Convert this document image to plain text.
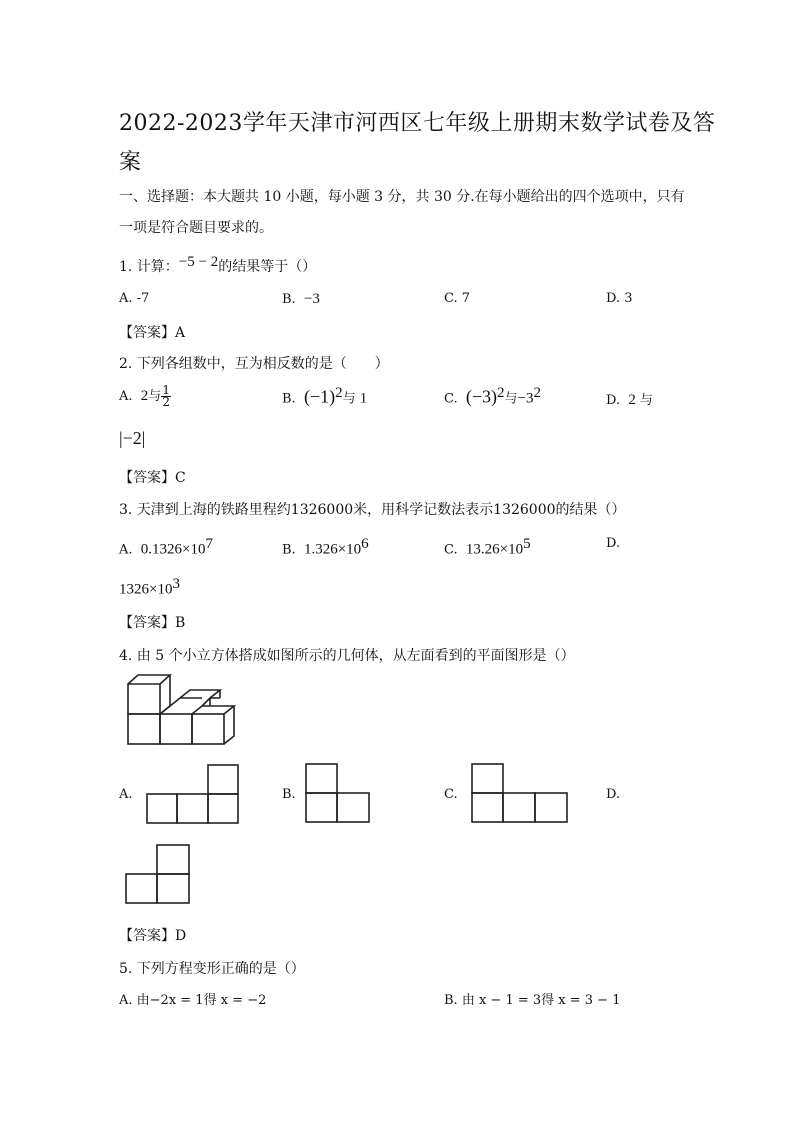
2022-2023学年天津市河西区七年级上册期末数学试卷及答
案
一、选择题：本大题共 10 小题，每小题 3 分，共 30 分.在每小题给出的四个选项中，只有
一项是符合题目要求的。
1. 计算：−5 − 2的结果等于（）
A. -7	B. −3	C. 7	D. 3
【答案】A
2. 下列各组数中，互为相反数的是（　　）
A. 2与 $\frac{1}{2}$	B. $(-1)^2$与 1	C. $(-3)^2$与$-3^2$	D. 2 与
|−2|
【答案】C
3. 天津到上海的铁路里程约1326000米，用科学记数法表示1326000的结果（）
A. $0.1326\times 10^7$	B. $1.326\times 10^6$	C. $13.26\times 10^5$	D.
$1326\times 10^3$
【答案】B
4. 由 5 个小立方体搭成如图所示的几何体，从左面看到的平面图形是（）
A.	B.	C.	D.
【答案】D
5. 下列方程变形正确的是（）
A. 由−2x = 1得 x = −2	B. 由 x − 1 = 3得 x = 3 − 1
